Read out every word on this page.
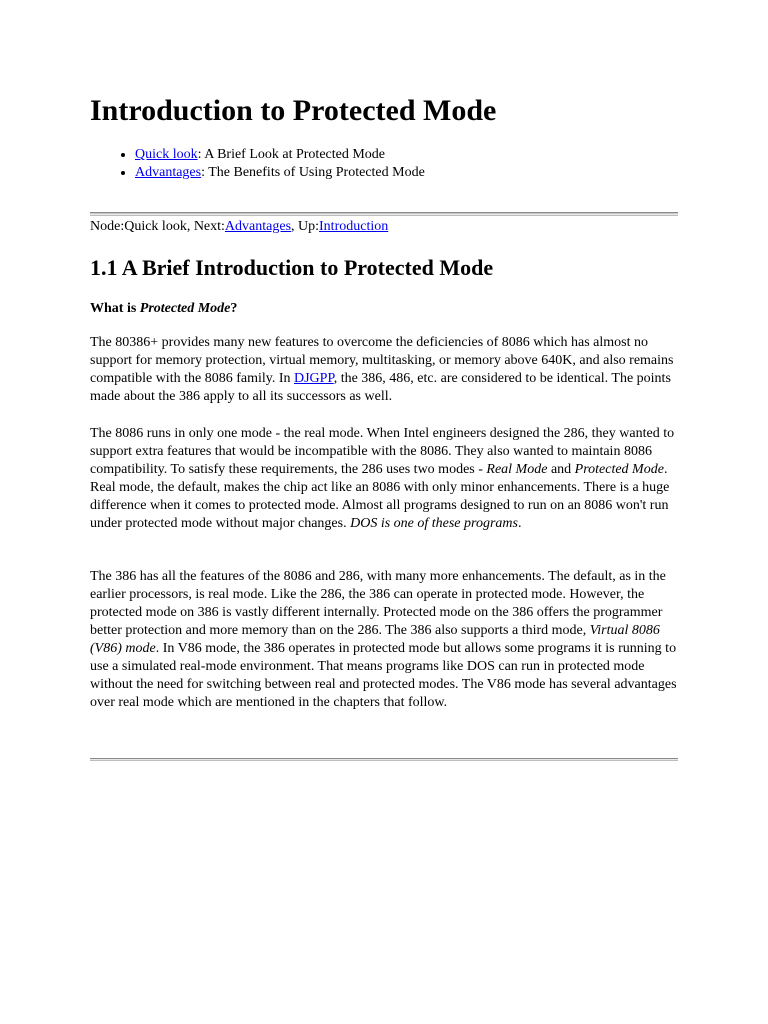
Introduction to Protected Mode
• Quick look: A Brief Look at Protected Mode
• Advantages: The Benefits of Using Protected Mode
Node:Quick look, Next:Advantages, Up:Introduction
1.1 A Brief Introduction to Protected Mode

What is Protected Mode?

The 80386+ provides many new features to overcome the deficiencies of 8086 which has almost no support for memory protection, virtual memory, multitasking, or memory above 640K, and also remains compatible with the 8086 family. In DJGPP, the 386, 486, etc. are considered to be identical. The points made about the 386 apply to all its successors as well.

The 8086 runs in only one mode - the real mode. When Intel engineers designed the 286, they wanted to support extra features that would be incompatible with the 8086. They also wanted to maintain 8086 compatibility. To satisfy these requirements, the 286 uses two modes - Real Mode and Protected Mode. Real mode, the default, makes the chip act like an 8086 with only minor enhancements. There is a huge difference when it comes to protected mode. Almost all programs designed to run on an 8086 won't run under protected mode without major changes. DOS is one of these programs.

The 386 has all the features of the 8086 and 286, with many more enhancements. The default, as in the earlier processors, is real mode. Like the 286, the 386 can operate in protected mode. However, the protected mode on 386 is vastly different internally. Protected mode on the 386 offers the programmer better protection and more memory than on the 286. The 386 also supports a third mode, Virtual 8086 (V86) mode. In V86 mode, the 386 operates in protected mode but allows some programs it is running to use a simulated real-mode environment. That means programs like DOS can run in protected mode without the need for switching between real and protected modes. The V86 mode has several advantages over real mode which are mentioned in the chapters that follow.
